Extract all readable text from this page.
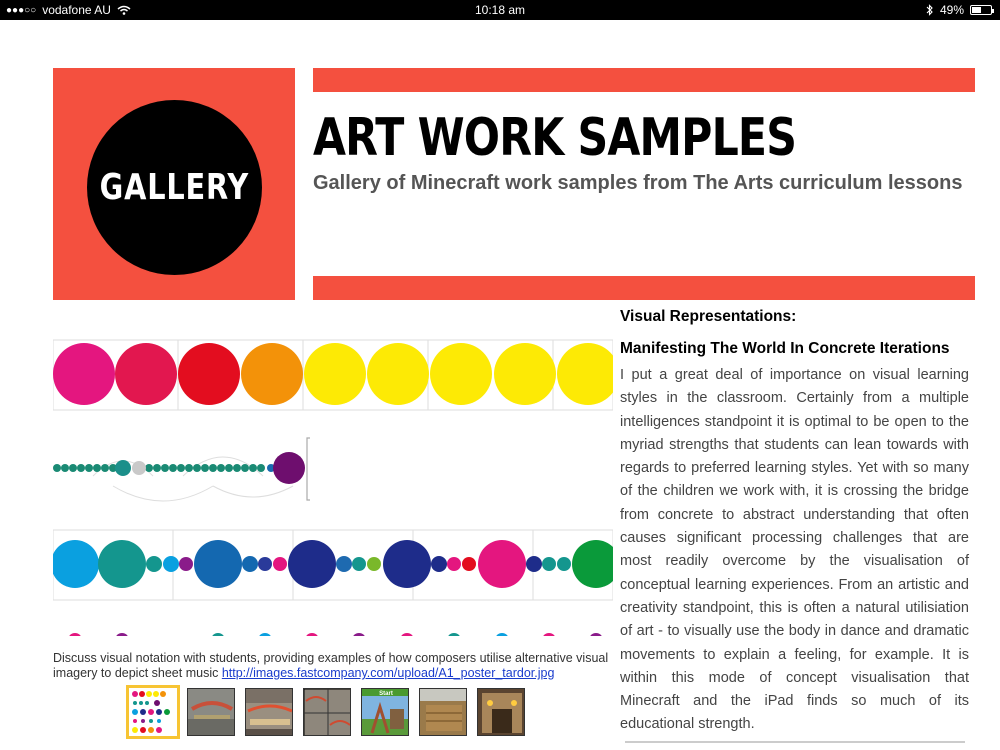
●●●○○ vodafone AU	10:18 am	49%
GALLERY
ART WORK SAMPLES
Gallery of Minecraft work samples from The Arts curriculum lessons
Discuss visual notation with students, providing examples of how composers utilise alternative visual imagery to depict sheet music http://images.fastcompany.com/upload/A1_poster_tardor.jpg
Start
Visual Representations:
Manifesting The World In Concrete Iterations
I put a great deal of importance on visual learning styles in the classroom. Certainly from a multiple intelligences standpoint it is optimal to be open to the myriad strengths that students can lean towards with regards to preferred learning styles. Yet with so many of the children we work with, it is crossing the bridge from concrete to abstract understanding that often causes significant processing challenges that are most readily overcome by the visualisation of conceptual learning experiences. From an artistic and creativity standpoint, this is often a natural utilisiation of art - to visually use the body in dance and dramatic movements to explain a feeling, for example. It is within this mode of concept visualisation that Minecraft and the iPad finds so much of its educational strength.
